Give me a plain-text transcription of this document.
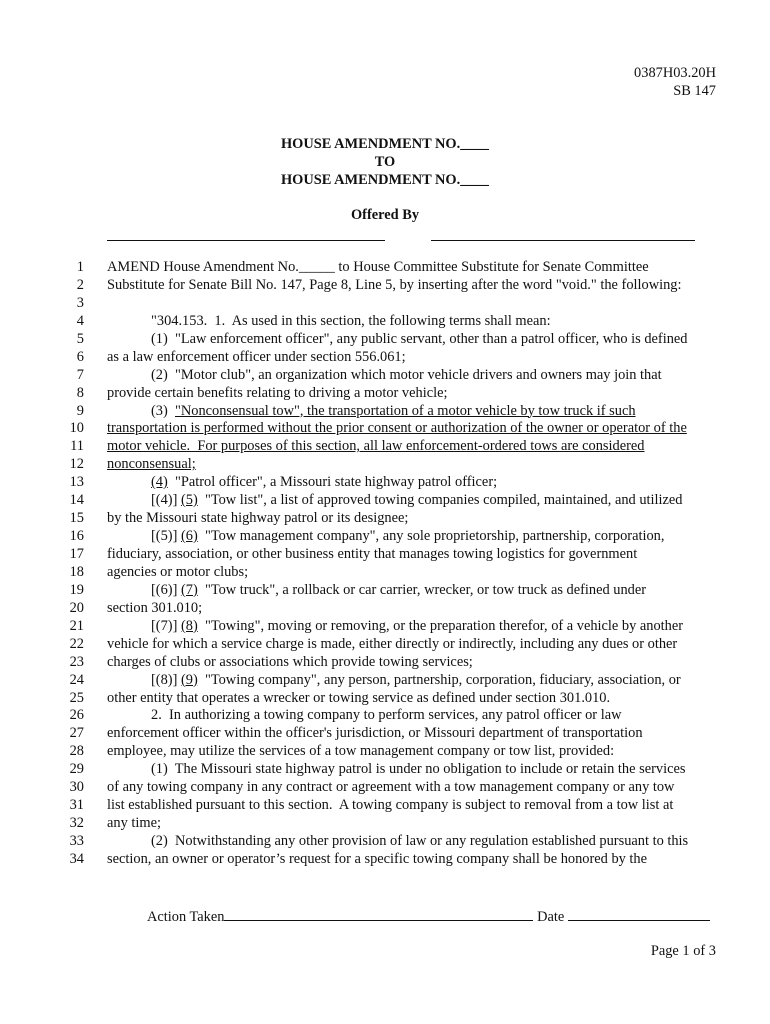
0387H03.20H
SB 147
HOUSE AMENDMENT NO.____
TO
HOUSE AMENDMENT NO.____
Offered By
1 AMEND House Amendment No._____ to House Committee Substitute for Senate Committee
2 Substitute for Senate Bill No. 147, Page 8, Line 5, by inserting after the word "void." the following:
3
4	"304.153.  1.  As used in this section, the following terms shall mean:
5	(1)  "Law enforcement officer", any public servant, other than a patrol officer, who is defined
6 as a law enforcement officer under section 556.061;
7	(2)  "Motor club", an organization which motor vehicle drivers and owners may join that
8 provide certain benefits relating to driving a motor vehicle;
9	(3)  "Nonconsensual tow", the transportation of a motor vehicle by tow truck if such
10 transportation is performed without the prior consent or authorization of the owner or operator of the
11 motor vehicle.  For purposes of this section, all law enforcement-ordered tows are considered
12 nonconsensual;
13	(4)  "Patrol officer", a Missouri state highway patrol officer;
14	[(4)] (5)  "Tow list", a list of approved towing companies compiled, maintained, and utilized
15 by the Missouri state highway patrol or its designee;
16	[(5)] (6)  "Tow management company", any sole proprietorship, partnership, corporation,
17 fiduciary, association, or other business entity that manages towing logistics for government
18 agencies or motor clubs;
19	[(6)] (7)  "Tow truck", a rollback or car carrier, wrecker, or tow truck as defined under
20 section 301.010;
21	[(7)] (8)  "Towing", moving or removing, or the preparation therefor, of a vehicle by another
22 vehicle for which a service charge is made, either directly or indirectly, including any dues or other
23 charges of clubs or associations which provide towing services;
24	[(8)] (9)  "Towing company", any person, partnership, corporation, fiduciary, association, or
25 other entity that operates a wrecker or towing service as defined under section 301.010.
26	2.  In authorizing a towing company to perform services, any patrol officer or law
27 enforcement officer within the officer's jurisdiction, or Missouri department of transportation
28 employee, may utilize the services of a tow management company or tow list, provided:
29	(1)  The Missouri state highway patrol is under no obligation to include or retain the services
30 of any towing company in any contract or agreement with a tow management company or any tow
31 list established pursuant to this section.  A towing company is subject to removal from a tow list at
32 any time;
33	(2)  Notwithstanding any other provision of law or any regulation established pursuant to this
34 section, an owner or operator’s request for a specific towing company shall be honored by the
Action Taken	Date
Page 1 of 3
